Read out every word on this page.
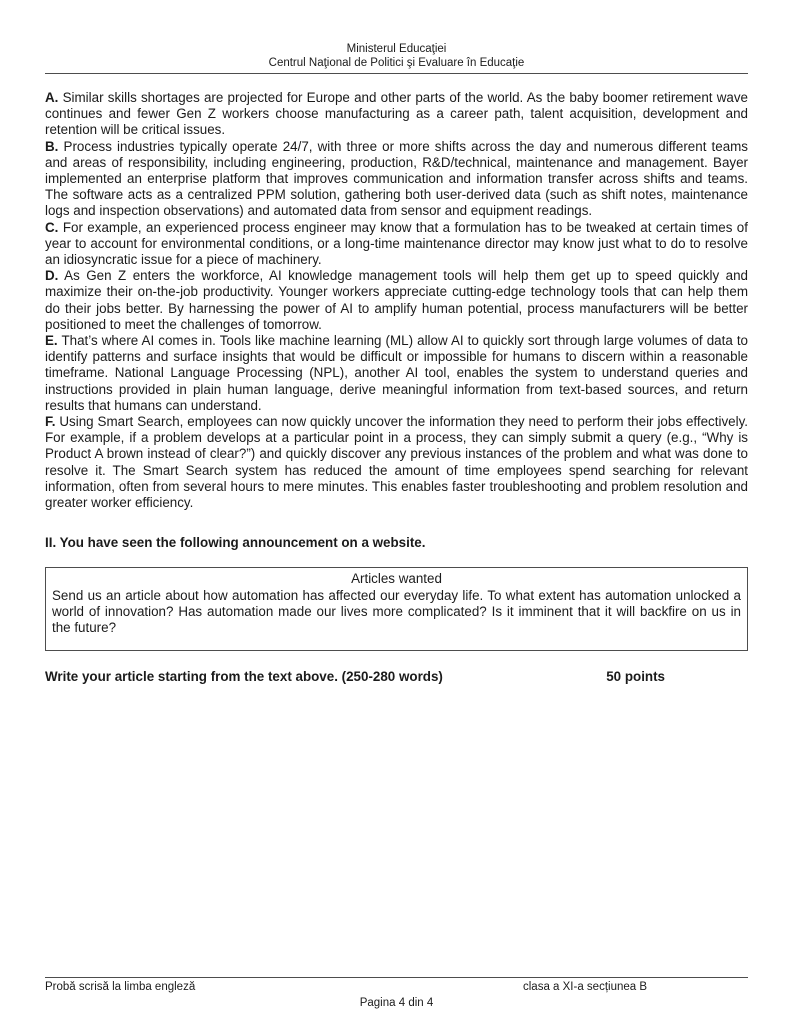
Ministerul Educaţiei
Centrul Naţional de Politici şi Evaluare în Educaţie

A. Similar skills shortages are projected for Europe and other parts of the world. As the baby boomer retirement wave continues and fewer Gen Z workers choose manufacturing as a career path, talent acquisition, development and retention will be critical issues.

B. Process industries typically operate 24/7, with three or more shifts across the day and numerous different teams and areas of responsibility, including engineering, production, R&D/technical, maintenance and management. Bayer implemented an enterprise platform that improves communication and information transfer across shifts and teams. The software acts as a centralized PPM solution, gathering both user-derived data (such as shift notes, maintenance logs and inspection observations) and automated data from sensor and equipment readings.

C. For example, an experienced process engineer may know that a formulation has to be tweaked at certain times of year to account for environmental conditions, or a long-time maintenance director may know just what to do to resolve an idiosyncratic issue for a piece of machinery.

D. As Gen Z enters the workforce, AI knowledge management tools will help them get up to speed quickly and maximize their on-the-job productivity. Younger workers appreciate cutting-edge technology tools that can help them do their jobs better. By harnessing the power of AI to amplify human potential, process manufacturers will be better positioned to meet the challenges of tomorrow.

E. That’s where AI comes in. Tools like machine learning (ML) allow AI to quickly sort through large volumes of data to identify patterns and surface insights that would be difficult or impossible for humans to discern within a reasonable timeframe. National Language Processing (NPL), another AI tool, enables the system to understand queries and instructions provided in plain human language, derive meaningful information from text-based sources, and return results that humans can understand.

F. Using Smart Search, employees can now quickly uncover the information they need to perform their jobs effectively. For example, if a problem develops at a particular point in a process, they can simply submit a query (e.g., “Why is Product A brown instead of clear?”) and quickly discover any previous instances of the problem and what was done to resolve it. The Smart Search system has reduced the amount of time employees spend searching for relevant information, often from several hours to mere minutes. This enables faster troubleshooting and problem resolution and greater worker efficiency.

II. You have seen the following announcement on a website.

Articles wanted
Send us an article about how automation has affected our everyday life. To what extent has automation unlocked a world of innovation? Has automation made our lives more complicated? Is it imminent that it will backfire on us in the future?
Write your article starting from the text above. (250-280 words)	50 points
Probă scrisă la limba engleză	clasa a XI-a secțiunea B
Pagina 4 din 4
